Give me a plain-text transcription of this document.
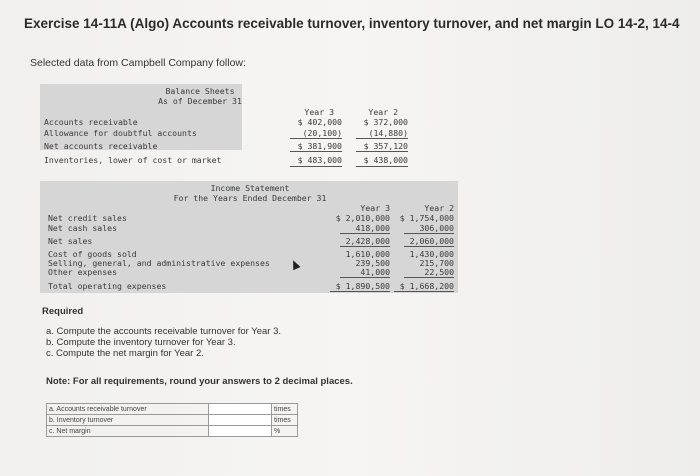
Exercise 14-11A (Algo) Accounts receivable turnover, inventory turnover, and net margin LO 14-2, 14-4
Selected data from Campbell Company follow:
Balance Sheets
As of December 31
Year 3	Year 2
Accounts receivable	$ 402,000	$ 372,000
Allowance for doubtful accounts	(20,100)	(14,880)
Net accounts receivable	$ 381,900	$ 357,120
Inventories, lower of cost or market	$ 483,000	$ 438,000
Income Statement
For the Years Ended December 31
Year 3	Year 2
Net credit sales	$ 2,010,000	$ 1,754,000
Net cash sales	418,000	306,000
Net sales	2,428,000	2,060,000
Cost of goods sold	1,610,000	1,430,000
Selling, general, and administrative expenses	239,500	215,700
Other expenses	41,000	22,500
Total operating expenses	$ 1,890,500	$ 1,668,200
Required
a. Compute the accounts receivable turnover for Year 3.
b. Compute the inventory turnover for Year 3.
c. Compute the net margin for Year 2.
Note: For all requirements, round your answers to 2 decimal places.
a. Accounts receivable turnover		times
b. Inventory turnover		times
c. Net margin		%
